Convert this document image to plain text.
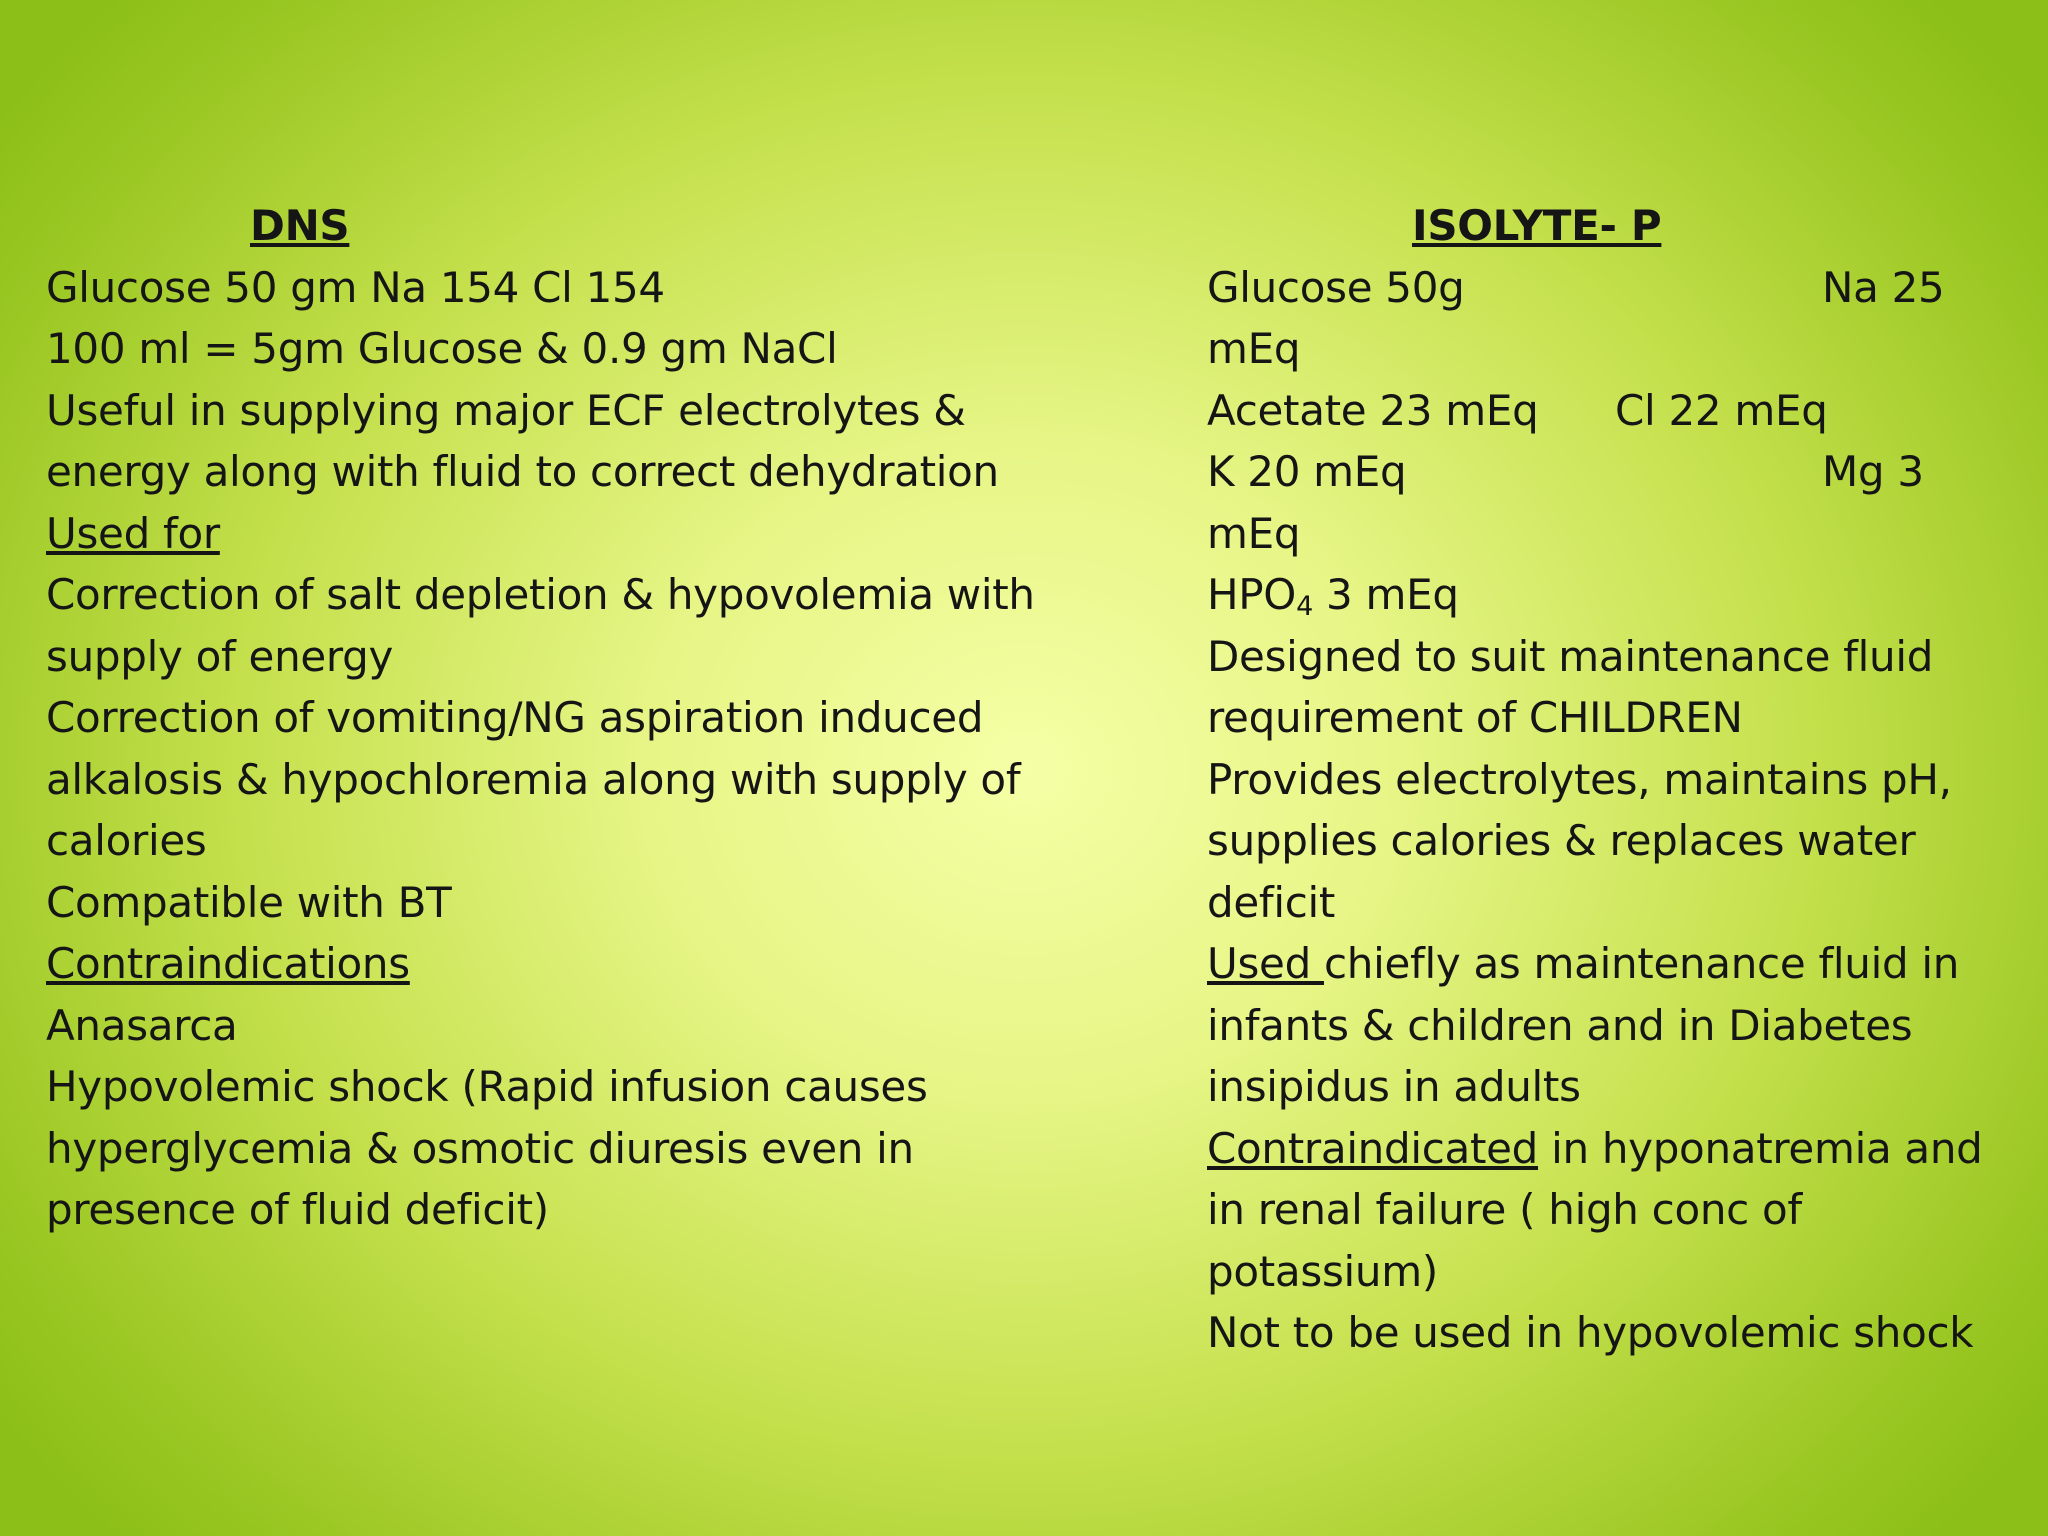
DNS
Glucose 50 gm Na 154 Cl 154
100 ml = 5gm Glucose & 0.9 gm NaCl
Useful in supplying major ECF electrolytes &
energy along with fluid to correct dehydration
Used for
Correction of salt depletion & hypovolemia with
supply of energy
Correction of vomiting/NG aspiration induced
alkalosis & hypochloremia along with supply of
calories
Compatible with BT
Contraindications
Anasarca
Hypovolemic shock (Rapid infusion causes
hyperglycemia & osmotic diuresis even in
presence of fluid deficit)
ISOLYTE- P
Glucose 50g	Na 25
mEq
Acetate 23 mEq	Cl 22 mEq
K 20 mEq	Mg 3
mEq
$HPO_4$ 3 mEq
Designed to suit maintenance fluid
requirement of CHILDREN
Provides electrolytes, maintains pH,
supplies calories & replaces water
deficit
Used chiefly as maintenance fluid in
infants & children and in Diabetes
insipidus in adults
Contraindicated in hyponatremia and
in renal failure ( high conc of
potassium)
Not to be used in hypovolemic shock
